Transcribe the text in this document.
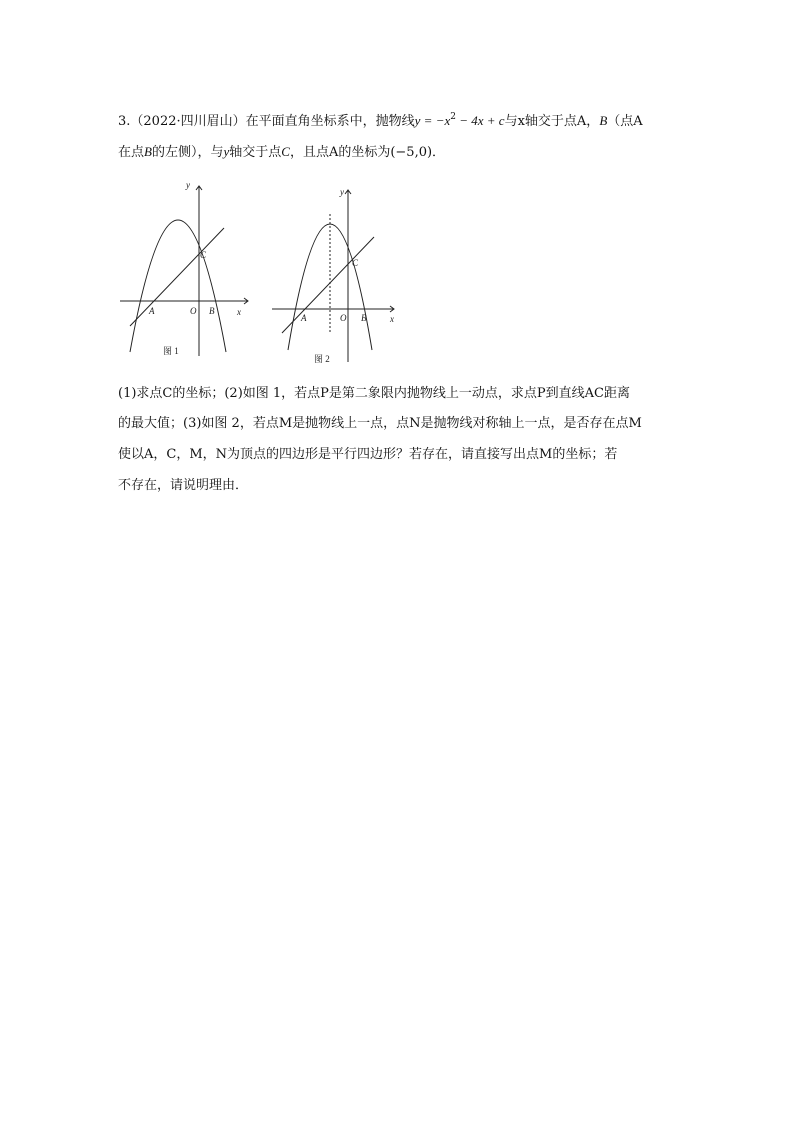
3.（2022·四川眉山）在平面直角坐标系中，抛物线$y = -x^2 - 4x + c$与x轴交于点A，B（点A
在点B的左侧），与y轴交于点C，且点A的坐标为(−5,0)．
y
x
O
A	B
C
图 1
y
x
O
A	B
C
图 2
(1)求点C的坐标；(2)如图 1，若点P是第二象限内抛物线上一动点，求点P到直线AC距离
的最大值；(3)如图 2，若点M是抛物线上一点，点N是抛物线对称轴上一点，是否存在点M
使以A，C，M，N为顶点的四边形是平行四边形？若存在，请直接写出点M的坐标；若
不存在，请说明理由．
